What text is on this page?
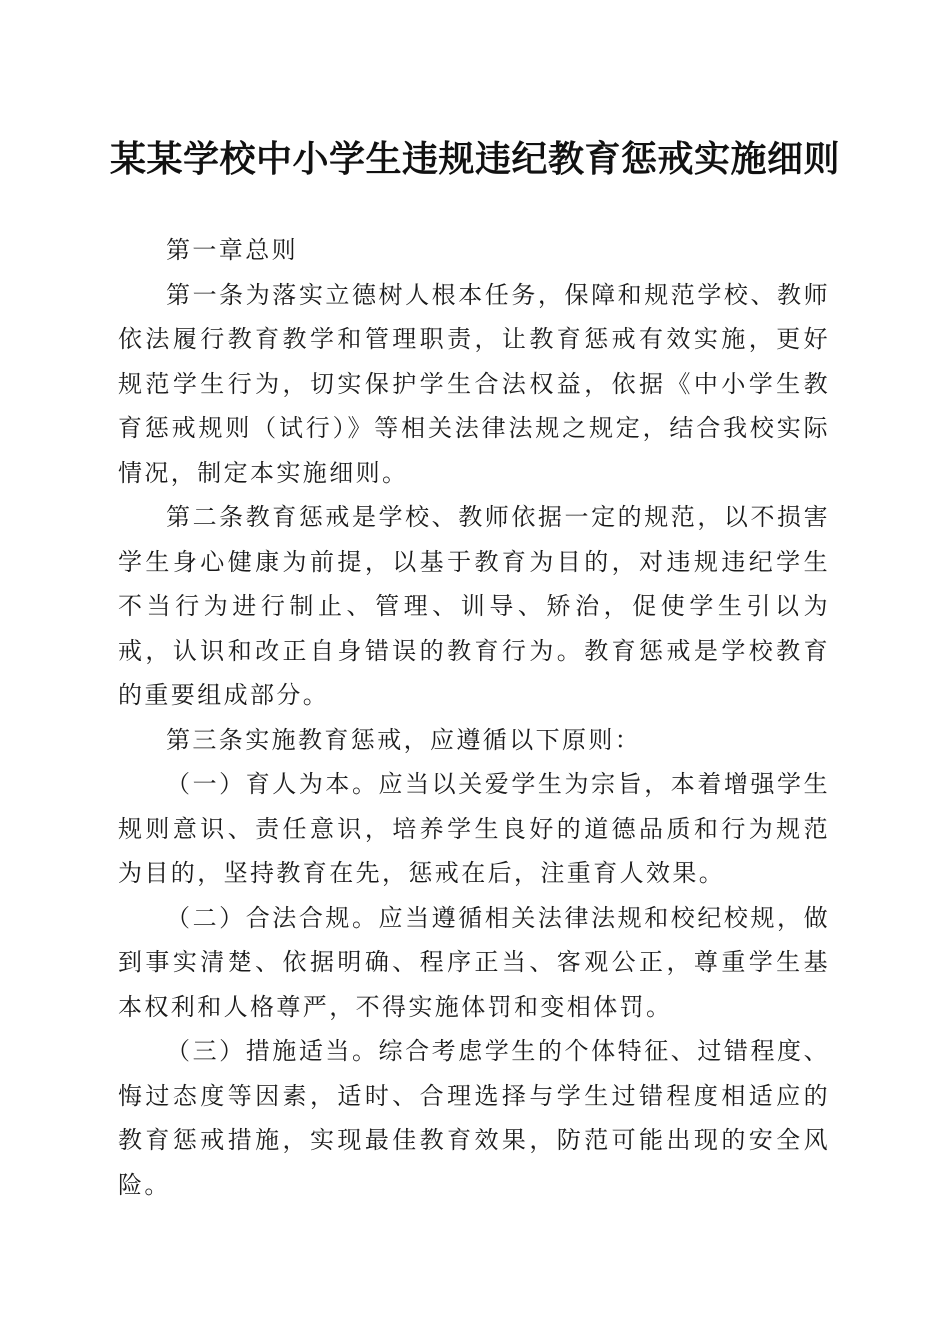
某某学校中小学生违规违纪教育惩戒实施细则

第一章总则

第一条为落实立德树人根本任务，保障和规范学校、教师依法履行教育教学和管理职责，让教育惩戒有效实施，更好规范学生行为，切实保护学生合法权益，依据《中小学生教育惩戒规则（试行）》等相关法律法规之规定，结合我校实际情况，制定本实施细则。

第二条教育惩戒是学校、教师依据一定的规范，以不损害学生身心健康为前提，以基于教育为目的，对违规违纪学生不当行为进行制止、管理、训导、矫治，促使学生引以为戒，认识和改正自身错误的教育行为。教育惩戒是学校教育的重要组成部分。

第三条实施教育惩戒，应遵循以下原则：

（一）育人为本。应当以关爱学生为宗旨，本着增强学生规则意识、责任意识，培养学生良好的道德品质和行为规范为目的，坚持教育在先，惩戒在后，注重育人效果。

（二）合法合规。应当遵循相关法律法规和校纪校规，做到事实清楚、依据明确、程序正当、客观公正，尊重学生基本权利和人格尊严，不得实施体罚和变相体罚。

（三）措施适当。综合考虑学生的个体特征、过错程度、悔过态度等因素，适时、合理选择与学生过错程度相适应的教育惩戒措施，实现最佳教育效果，防范可能出现的安全风险。
